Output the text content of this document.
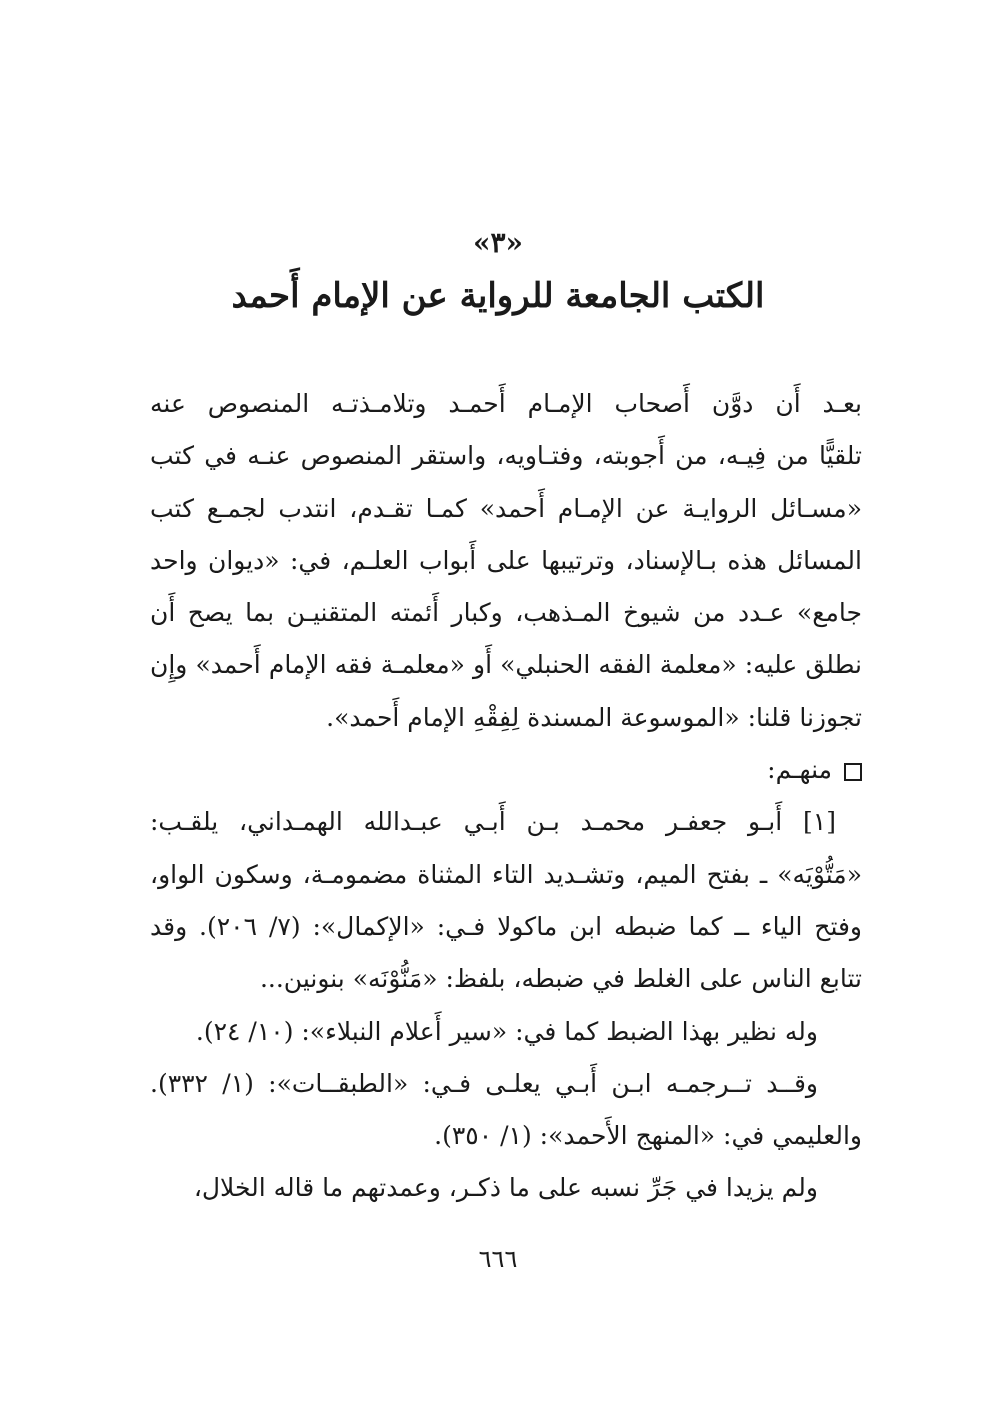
«٣»
الكتب الجامعة للرواية عن الإمام أَحمد
بعـد أَن دوَّن أَصحاب الإمـام أَحمـد وتلامـذتـه المنصوص عنه
تلقيًّا من فِيـه، من أَجوبته، وفتـاويه، واستقر المنصوص عنـه في كتب
«مسـائل الروايـة عن الإمـام أَحمد» كمـا تقـدم، انتدب لجمـع كتب
المسائل هذه بـالإسناد، وترتيبها على أَبواب العلـم، في: «ديوان واحد
جامع» عـدد من شيوخ المـذهب، وكبار أَئمته المتقنيـن بما يصح أَن
نطلق عليه: «معلمة الفقه الحنبلي» أَو «معلمـة فقه الإمام أَحمد» وإِن
تجوزنا قلنا: «الموسوعة المسندة لِفِقْهِ الإمام أَحمد».
منهـم:
[١] أَبـو جعفـر محمـد بـن أَبـي عبـدالله الهمـداني، يلقـب:
«مَتُّوْيَه» ـ بفتح الميم، وتشـديد التاء المثناة مضمومـة، وسكون الواو،
وفتح الياء ــ كما ضبطه ابن ماكولا فـي: «الإكمال»: (٧/ ٢٠٦). وقد
تتابع الناس على الغلط في ضبطه، بلفظ: «مَنُّوْنَه» بنونين...
وله نظير بهذا الضبط كما في: «سير أَعلام النبلاء»: (١٠/ ٢٤).
وقــد تــرجمـه ابـن أَبـي يعلـى فـي: «الطبقــات»: (١/ ٣٣٢).
والعليمي في: «المنهج الأَحمد»: (١/ ٣٥٠).
ولم يزيدا في جَرِّ نسبه على ما ذكـر، وعمدتهم ما قاله الخلال،
٦٦٦
